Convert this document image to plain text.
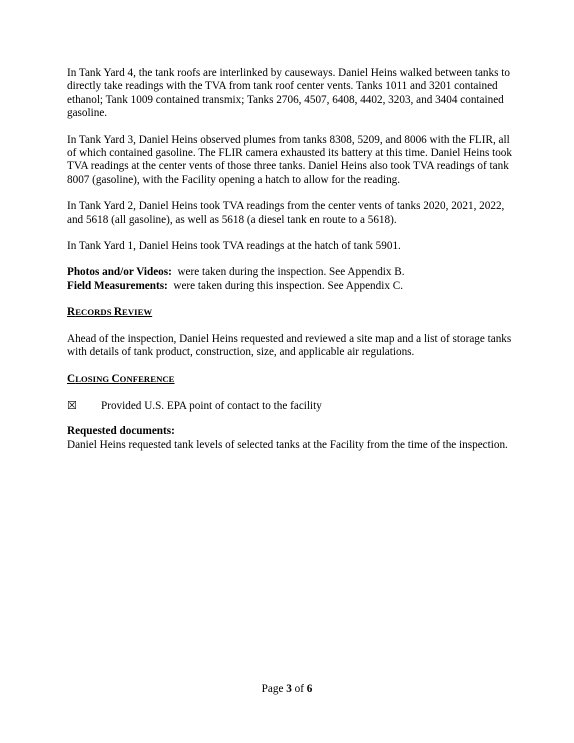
In Tank Yard 4, the tank roofs are interlinked by causeways. Daniel Heins walked between tanks to directly take readings with the TVA from tank roof center vents. Tanks 1011 and 3201 contained ethanol; Tank 1009 contained transmix; Tanks 2706, 4507, 6408, 4402, 3203, and 3404 contained gasoline.

In Tank Yard 3, Daniel Heins observed plumes from tanks 8308, 5209, and 8006 with the FLIR, all of which contained gasoline. The FLIR camera exhausted its battery at this time. Daniel Heins took TVA readings at the center vents of those three tanks. Daniel Heins also took TVA readings of tank 8007 (gasoline), with the Facility opening a hatch to allow for the reading.

In Tank Yard 2, Daniel Heins took TVA readings from the center vents of tanks 2020, 2021, 2022, and 5618 (all gasoline), as well as 5618 (a diesel tank en route to a 5618).

In Tank Yard 1, Daniel Heins took TVA readings at the hatch of tank 5901.

Photos and/or Videos:  were taken during the inspection. See Appendix B.

Field Measurements:  were taken during this inspection. See Appendix C.

RECORDS REVIEW

Ahead of the inspection, Daniel Heins requested and reviewed a site map and a list of storage tanks with details of tank product, construction, size, and applicable air regulations.

CLOSING CONFERENCE
☒	Provided U.S. EPA point of contact to the facility

Requested documents:

Daniel Heins requested tank levels of selected tanks at the Facility from the time of the inspection.

Page 3 of 6
